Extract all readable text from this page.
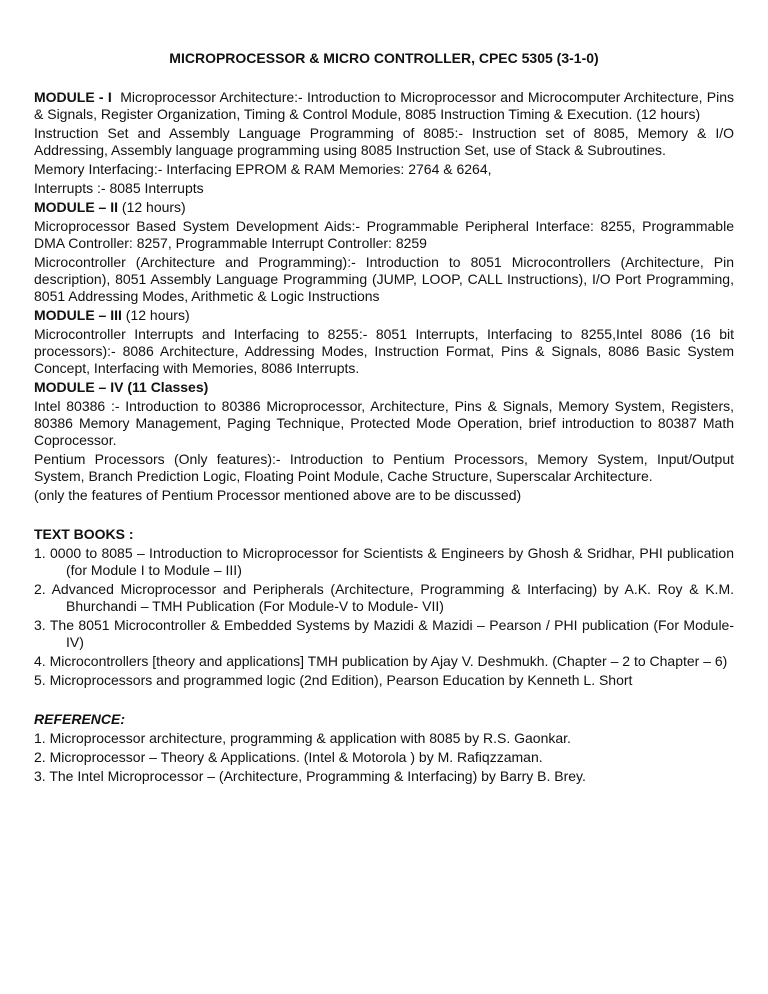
MICROPROCESSOR & MICRO CONTROLLER, CPEC 5305 (3-1-0)

MODULE - I Microprocessor Architecture:- Introduction to Microprocessor and Microcomputer Architecture, Pins & Signals, Register Organization, Timing & Control Module, 8085 Instruction Timing & Execution. (12 hours)

Instruction Set and Assembly Language Programming of 8085:- Instruction set of 8085, Memory & I/O Addressing, Assembly language programming using 8085 Instruction Set, use of Stack & Subroutines.

Memory Interfacing:- Interfacing EPROM & RAM Memories: 2764 & 6264,

Interrupts :- 8085 Interrupts

MODULE – II (12 hours)

Microprocessor Based System Development Aids:- Programmable Peripheral Interface: 8255, Programmable DMA Controller: 8257, Programmable Interrupt Controller: 8259

Microcontroller (Architecture and Programming):- Introduction to 8051 Microcontrollers (Architecture, Pin description), 8051 Assembly Language Programming (JUMP, LOOP, CALL Instructions), I/O Port Programming, 8051 Addressing Modes, Arithmetic & Logic Instructions

MODULE – III (12 hours)

Microcontroller Interrupts and Interfacing to 8255:- 8051 Interrupts, Interfacing to 8255,Intel 8086 (16 bit processors):- 8086 Architecture, Addressing Modes, Instruction Format, Pins & Signals, 8086 Basic System Concept, Interfacing with Memories, 8086 Interrupts.

MODULE – IV (11 Classes)

Intel 80386 :- Introduction to 80386 Microprocessor, Architecture, Pins & Signals, Memory System, Registers, 80386 Memory Management, Paging Technique, Protected Mode Operation, brief introduction to 80387 Math Coprocessor.

Pentium Processors (Only features):- Introduction to Pentium Processors, Memory System, Input/Output System, Branch Prediction Logic, Floating Point Module, Cache Structure, Superscalar Architecture.

(only the features of Pentium Processor mentioned above are to be discussed)

TEXT BOOKS :

1. 0000 to 8085 – Introduction to Microprocessor for Scientists & Engineers by Ghosh & Sridhar, PHI publication (for Module I to Module – III)
2. Advanced Microprocessor and Peripherals (Architecture, Programming & Interfacing) by A.K. Roy & K.M. Bhurchandi – TMH Publication (For Module-V to Module- VII)
3. The 8051 Microcontroller & Embedded Systems by Mazidi & Mazidi – Pearson / PHI publication (For Module-IV)
4. Microcontrollers [theory and applications] TMH publication by Ajay V. Deshmukh. (Chapter – 2 to Chapter – 6)
5. Microprocessors and programmed logic (2nd Edition), Pearson Education by Kenneth L. Short

REFERENCE:

1. Microprocessor architecture, programming & application with 8085 by R.S. Gaonkar.
2. Microprocessor – Theory & Applications. (Intel & Motorola ) by M. Rafiqzzaman.
3. The Intel Microprocessor – (Architecture, Programming & Interfacing) by Barry B. Brey.
